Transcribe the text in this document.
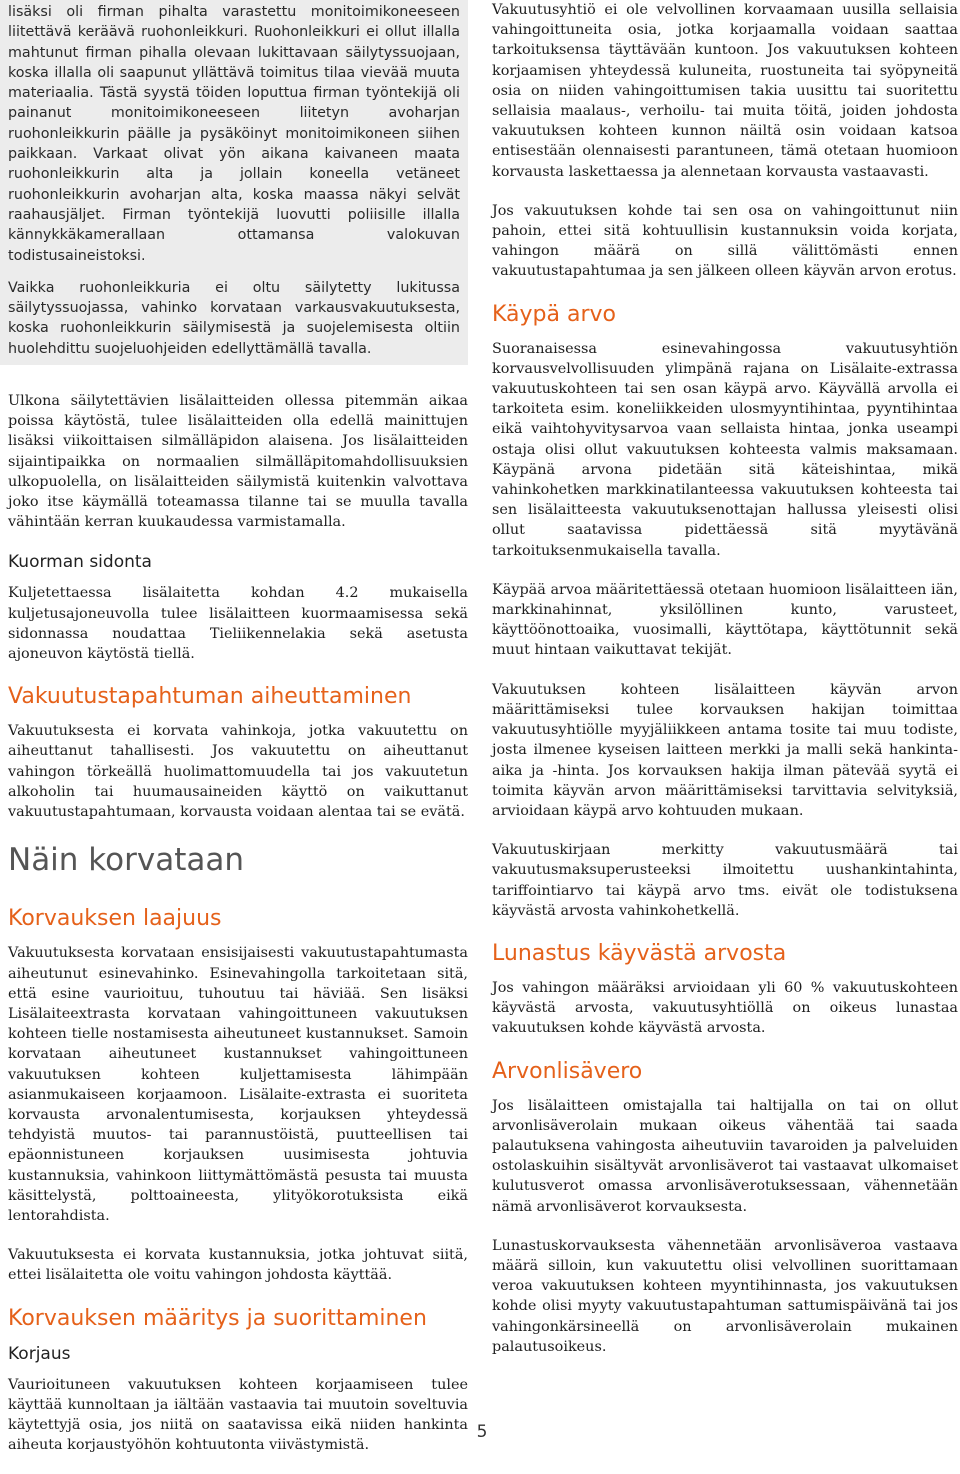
lisäksi oli firman pihalta varastettu monitoimikoneeseen liitettävä keräävä ruohonleikkuri. Ruohonleikkuri ei ollut illalla mahtunut firman pihalla olevaan lukittavaan säilytyssuojaan, koska illalla oli saapunut yllättävä toimitus tilaa vievää muuta materiaalia. Tästä syystä töiden loputtua firman työntekijä oli painanut monitoimikoneeseen liitetyn avoharjan ruohonleikkurin päälle ja pysäköinyt monitoimikoneen siihen paikkaan. Varkaat olivat yön aikana kaivaneen maata ruohonleikkurin alta ja jollain koneella vetäneet ruohonleikkurin avoharjan alta, koska maassa näkyi selvät raahausjäljet. Firman työntekijä luovutti poliisille illalla kännykkäkamerallaan ottamansa valokuvan todistusaineistoksi.

Vaikka ruohonleikkuria ei oltu säilytetty lukitussa säilytyssuojassa, vahinko korvataan varkausvakuutuksesta, koska ruohonleikkurin säilymisestä ja suojelemisesta oltiin huolehdittu suojeluohjeiden edellyttämällä tavalla.

Ulkona säilytettävien lisälaitteiden ollessa pitemmän aikaa poissa käytöstä, tulee lisälaitteiden olla edellä mainittujen lisäksi viikoittaisen silmälläpidon alaisena. Jos lisälaitteiden sijaintipaikka on normaalien silmälläpitomahdollisuuksien ulkopuolella, on lisälaitteiden säilymistä kuitenkin valvottava joko itse käymällä toteamassa tilanne tai se muulla tavalla vähintään kerran kuukaudessa varmistamalla.

Kuorman sidonta

Kuljetettaessa lisälaitetta kohdan 4.2 mukaisella kuljetusajoneuvolla tulee lisälaitteen kuormaamisessa sekä sidonnassa noudattaa Tieliikennelakia sekä asetusta ajoneuvon käytöstä tiellä.

Vakuutustapahtuman aiheuttaminen

Vakuutuksesta ei korvata vahinkoja, jotka vakuutettu on aiheuttanut tahallisesti. Jos vakuutettu on aiheuttanut vahingon törkeällä huolimattomuudella tai jos vakuutetun alkoholin tai huumausaineiden käyttö on vaikuttanut vakuutustapahtumaan, korvausta voidaan alentaa tai se evätä.

Näin korvataan
Korvauksen laajuus

Vakuutuksesta korvataan ensisijaisesti vakuutustapahtumasta aiheutunut esinevahinko. Esinevahingolla tarkoitetaan sitä, että esine vaurioituu, tuhoutuu tai häviää. Sen lisäksi Lisälaiteextrasta korvataan vahingoittuneen vakuutuksen kohteen tielle nostamisesta aiheutuneet kustannukset. Samoin korvataan aiheutuneet kustannukset vahingoittuneen vakuutuksen kohteen kuljettamisesta lähimpään asianmukaiseen korjaamoon. Lisälaite-extrasta ei suoriteta korvausta arvonalentumisesta, korjauksen yhteydessä tehdyistä muutos- tai parannustöistä, puutteellisen tai epäonnistuneen korjauksen uusimisesta johtuvia kustannuksia, vahinkoon liittymättömästä pesusta tai muusta käsittelystä, polttoaineesta, ylityökorotuksista eikä lentorahdista.

Vakuutuksesta ei korvata kustannuksia, jotka johtuvat siitä, ettei lisälaitetta ole voitu vahingon johdosta käyttää.

Korvauksen määritys ja suorittaminen
Korjaus

Vaurioituneen vakuutuksen kohteen korjaamiseen tulee käyttää kunnoltaan ja iältään vastaavia tai muutoin soveltuvia käytettyjä osia, jos niitä on saatavissa eikä niiden hankinta aiheuta korjaustyöhön kohtuutonta viivästymistä.

Vakuutusyhtiö ei ole velvollinen korvaamaan uusilla sellaisia vahingoittuneita osia, jotka korjaamalla voidaan saattaa tarkoituksensa täyttävään kuntoon. Jos vakuutuksen kohteen korjaamisen yhteydessä kuluneita, ruostuneita tai syöpyneitä osia on niiden vahingoittumisen takia uusittu tai suoritettu sellaisia maalaus-, verhoilu- tai muita töitä, joiden johdosta vakuutuksen kohteen kunnon näiltä osin voidaan katsoa entisestään olennaisesti parantuneen, tämä otetaan huomioon korvausta laskettaessa ja alennetaan korvausta vastaavasti.

Jos vakuutuksen kohde tai sen osa on vahingoittunut niin pahoin, ettei sitä kohtuullisin kustannuksin voida korjata, vahingon määrä on sillä välittömästi ennen vakuutustapahtumaa ja sen jälkeen olleen käyvän arvon erotus.

Käypä arvo

Suoranaisessa esinevahingossa vakuutusyhtiön korvausvelvollisuuden ylimpänä rajana on Lisälaite-extrassa vakuutuskohteen tai sen osan käypä arvo. Käyvällä arvolla ei tarkoiteta esim. koneliikkeiden ulosmyyntihintaa, pyyntihintaa eikä vaihtohyvitysarvoa vaan sellaista hintaa, jonka useampi ostaja olisi ollut vakuutuksen kohteesta valmis maksamaan. Käypänä arvona pidetään sitä käteishintaa, mikä vahinkohetken markkinatilanteessa vakuutuksen kohteesta tai sen lisälaitteesta vakuutuksenottajan hallussa yleisesti olisi ollut saatavissa pidettäessä sitä myytävänä tarkoituksenmukaisella tavalla.

Käypää arvoa määritettäessä otetaan huomioon lisälaitteen iän, markkinahinnat, yksilöllinen kunto, varusteet, käyttöönottoaika, vuosimalli, käyttötapa, käyttötunnit sekä muut hintaan vaikuttavat tekijät.

Vakuutuksen kohteen lisälaitteen käyvän arvon määrittämiseksi tulee korvauksen hakijan toimittaa vakuutusyhtiölle myyjäliikkeen antama tosite tai muu todiste, josta ilmenee kyseisen laitteen merkki ja malli sekä hankinta-aika ja -hinta. Jos korvauksen hakija ilman pätevää syytä ei toimita käyvän arvon määrittämiseksi tarvittavia selvityksiä, arvioidaan käypä arvo kohtuuden mukaan.

Vakuutuskirjaan merkitty vakuutusmäärä tai vakuutusmaksuperusteeksi ilmoitettu uushankintahinta, tariffointiarvo tai käypä arvo tms. eivät ole todistuksena käyvästä arvosta vahinkohetkellä.

Lunastus käyvästä arvosta

Jos vahingon määräksi arvioidaan yli 60 % vakuutuskohteen käyvästä arvosta, vakuutusyhtiöllä on oikeus lunastaa vakuutuksen kohde käyvästä arvosta.

Arvonlisävero

Jos lisälaitteen omistajalla tai haltijalla on tai on ollut arvonlisäverolain mukaan oikeus vähentää tai saada palautuksena vahingosta aiheutuviin tavaroiden ja palveluiden ostolaskuihin sisältyvät arvonlisäverot tai vastaavat ulkomaiset kulutusverot omassa arvonlisäverotuksessaan, vähennetään nämä arvonlisäverot korvauksesta.

Lunastuskorvauksesta vähennetään arvonlisäveroa vastaava määrä silloin, kun vakuutettu olisi velvollinen suorittamaan veroa vakuutuksen kohteen myyntihinnasta, jos vakuutuksen kohde olisi myyty vakuutustapahtuman sattumispäivänä tai jos vahingonkärsineellä on arvonlisäverolain mukainen palautusoikeus.

5
